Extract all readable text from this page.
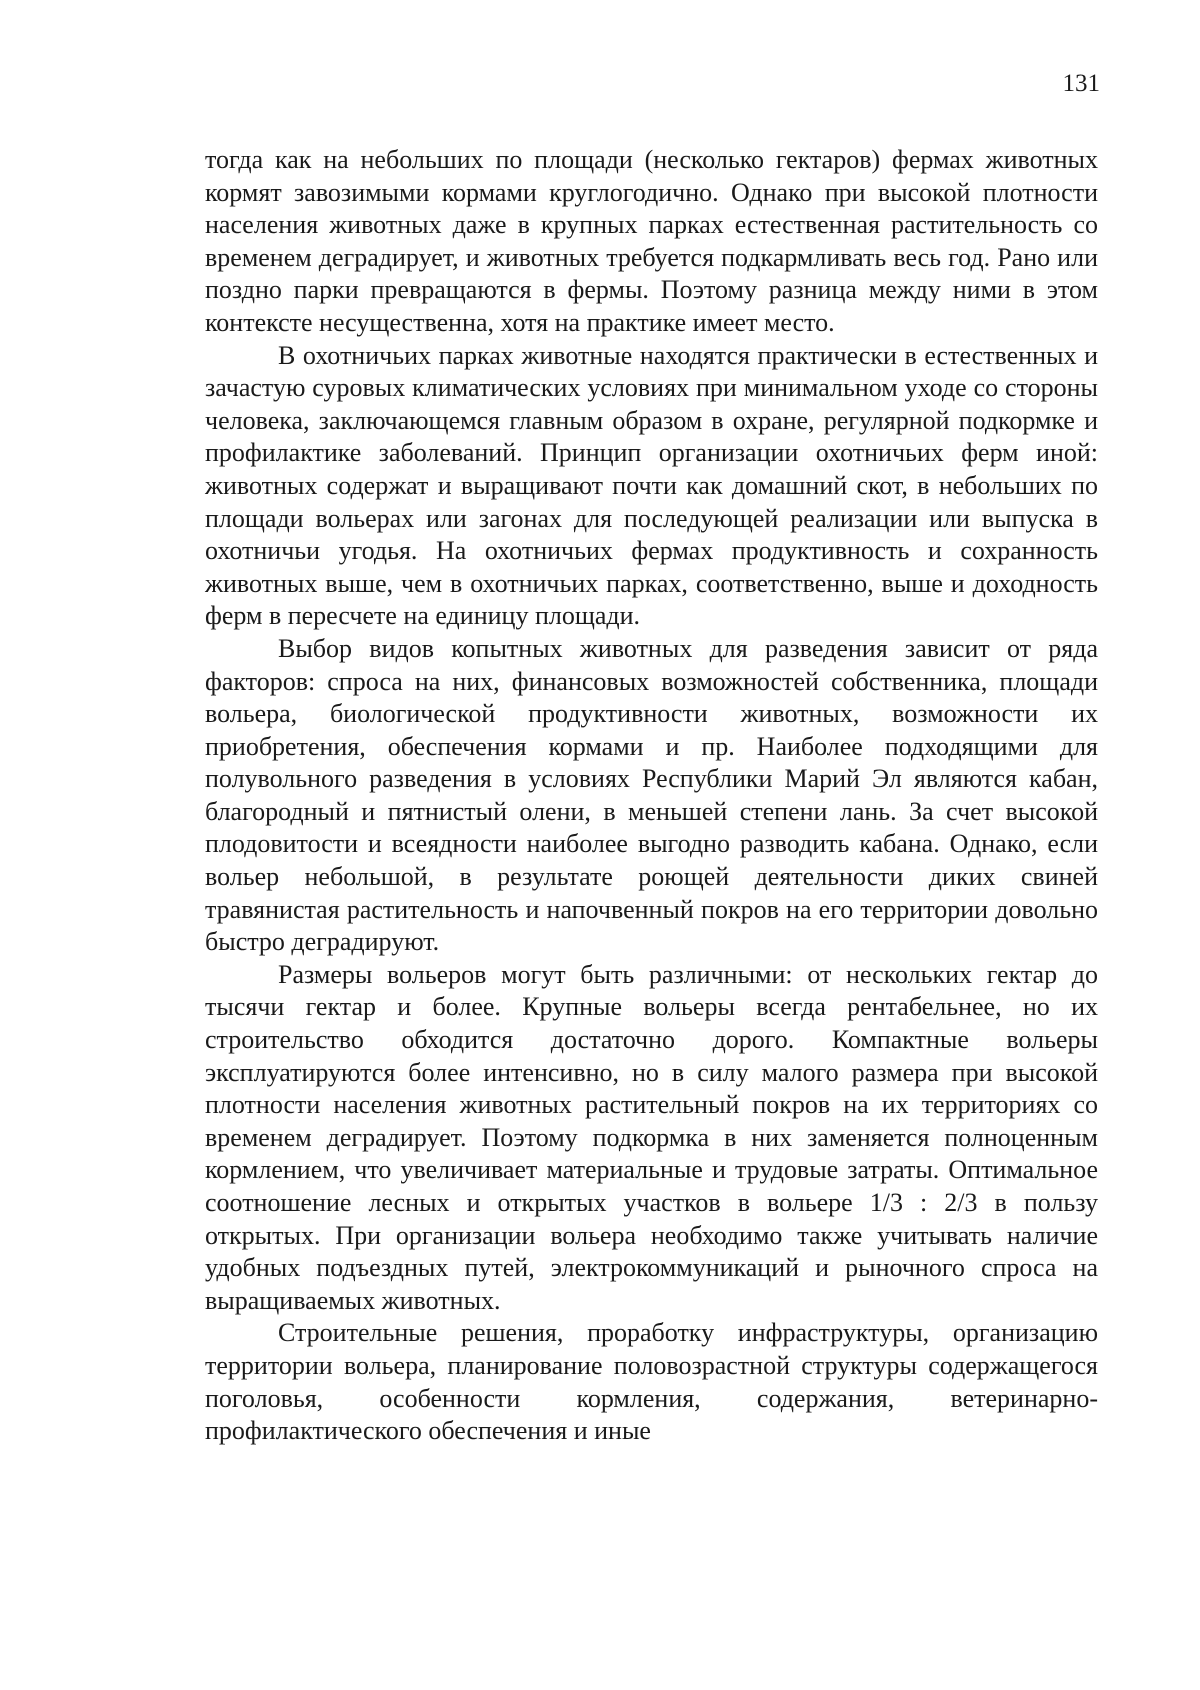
131

тогда как на небольших по площади (несколько гектаров) фермах животных кормят завозимыми кормами круглогодично. Однако при высокой плотности населения животных даже в крупных парках естественная растительность со временем деградирует, и животных требуется подкармливать весь год. Рано или поздно парки превращаются в фермы. Поэтому разница между ними в этом контексте несущественна, хотя на практике имеет место.

В охотничьих парках животные находятся практически в естественных и зачастую суровых климатических условиях при минимальном уходе со стороны человека, заключающемся главным образом в охране, регулярной подкормке и профилактике заболеваний. Принцип организации охотничьих ферм иной: животных содержат и выращивают почти как домашний скот, в небольших по площади вольерах или загонах для последующей реализации или выпуска в охотничьи угодья. На охотничьих фермах продуктивность и сохранность животных выше, чем в охотничьих парках, соответственно, выше и доходность ферм в пересчете на единицу площади.

Выбор видов копытных животных для разведения зависит от ряда факторов: спроса на них, финансовых возможностей собственника, площади вольера, биологической продуктивности животных, возможности их приобретения, обеспечения кормами и пр. Наиболее подходящими для полувольного разведения в условиях Республики Марий Эл являются кабан, благородный и пятнистый олени, в меньшей степени лань. За счет высокой плодовитости и всеядности наиболее выгодно разводить кабана. Однако, если вольер небольшой, в результате роющей деятельности диких свиней травянистая растительность и напочвенный покров на его территории довольно быстро деградируют.

Размеры вольеров могут быть различными: от нескольких гектар до тысячи гектар и более. Крупные вольеры всегда рентабельнее, но их строительство обходится достаточно дорого. Компактные вольеры эксплуатируются более интенсивно, но в силу малого размера при высокой плотности населения животных растительный покров на их территориях со временем деградирует. Поэтому подкормка в них заменяется полноценным кормлением, что увеличивает материальные и трудовые затраты. Оптимальное соотношение лесных и открытых участков в вольере 1/3 : 2/3 в пользу открытых. При организации вольера необходимо также учитывать наличие удобных подъездных путей, электрокоммуникаций и рыночного спроса на выращиваемых животных.

Строительные решения, проработку инфраструктуры, организацию территории вольера, планирование половозрастной структуры содержащегося поголовья, особенности кормления, содержания, ветеринарно-профилактического обеспечения и иные
